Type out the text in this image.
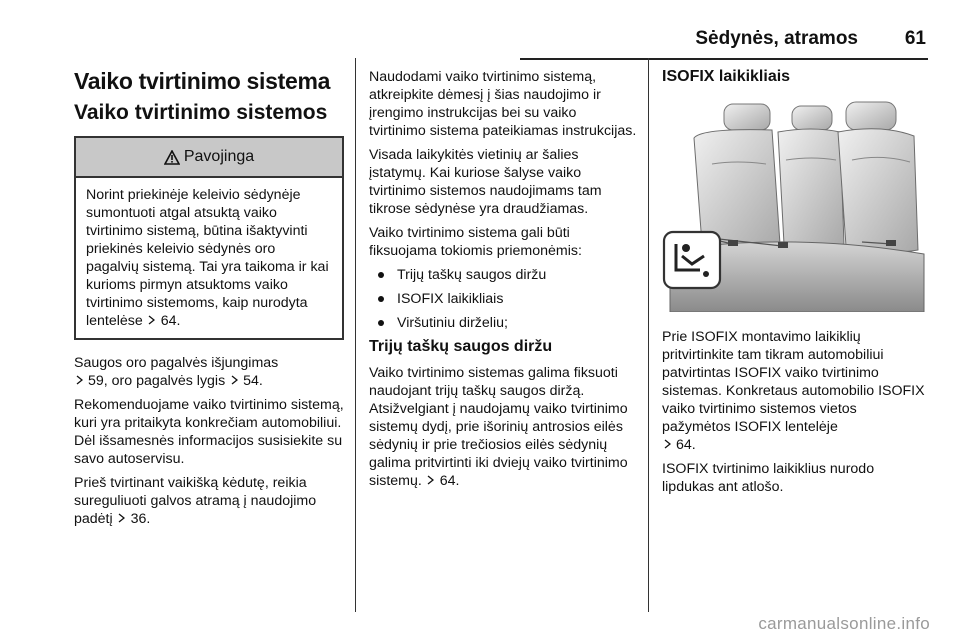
Sėdynės, atramos 61
Vaiko tvirtinimo sistema
Vaiko tvirtinimo sistemos
Pavojinga

Norint priekinėje keleivio sėdynėje sumontuoti atgal atsuktą vaiko tvirtinimo sistemą, būtina išaktyvinti priekinės keleivio sėdynės oro pagalvių sistemą. Tai yra taikoma ir kai kurioms pirmyn atsuktoms vaiko tvirtinimo sistemoms, kaip nurodyta lentelėse 64.

Saugos oro pagalvės išjungimas
59, oro pagalvės lygis 54.

Rekomenduojame vaiko tvirtinimo sistemą, kuri yra pritaikyta konkrečiam automobiliui. Dėl išsamesnės informacijos susisiekite su savo autoservisu.

Prieš tvirtinant vaikišką kėdutę, reikia sureguliuoti galvos atramą į naudojimo padėtį 36.

Naudodami vaiko tvirtinimo sistemą, atkreipkite dėmesį į šias naudojimo ir įrengimo instrukcijas bei su vaiko tvirtinimo sistema pateikiamas instrukcijas.

Visada laikykitės vietinių ar šalies įstatymų. Kai kuriose šalyse vaiko tvirtinimo sistemos naudojimams tam tikrose sėdynėse yra draudžiamas.

Vaiko tvirtinimo sistema gali būti fiksuojama tokiomis priemonėmis:

Trijų taškų saugos diržu
ISOFIX laikikliais
Viršutiniu dirželiu;
Trijų taškų saugos diržu

Vaiko tvirtinimo sistemas galima fiksuoti naudojant trijų taškų saugos diržą. Atsižvelgiant į naudojamų vaiko tvirtinimo sistemų dydį, prie išorinių antrosios eilės sėdynių ir prie trečiosios eilės sėdynių galima pritvirtinti iki dviejų vaiko tvirtinimo sistemų. 64.

ISOFIX laikikliais

Prie ISOFIX montavimo laikiklių pritvirtinkite tam tikram automobiliui patvirtintas ISOFIX vaiko tvirtinimo sistemas. Konkretaus automobilio ISOFIX vaiko tvirtinimo sistemos vietos pažymėtos ISOFIX lentelėje
64.

ISOFIX tvirtinimo laikiklius nurodo lipdukas ant atlošo.

carmanualsonline.info
